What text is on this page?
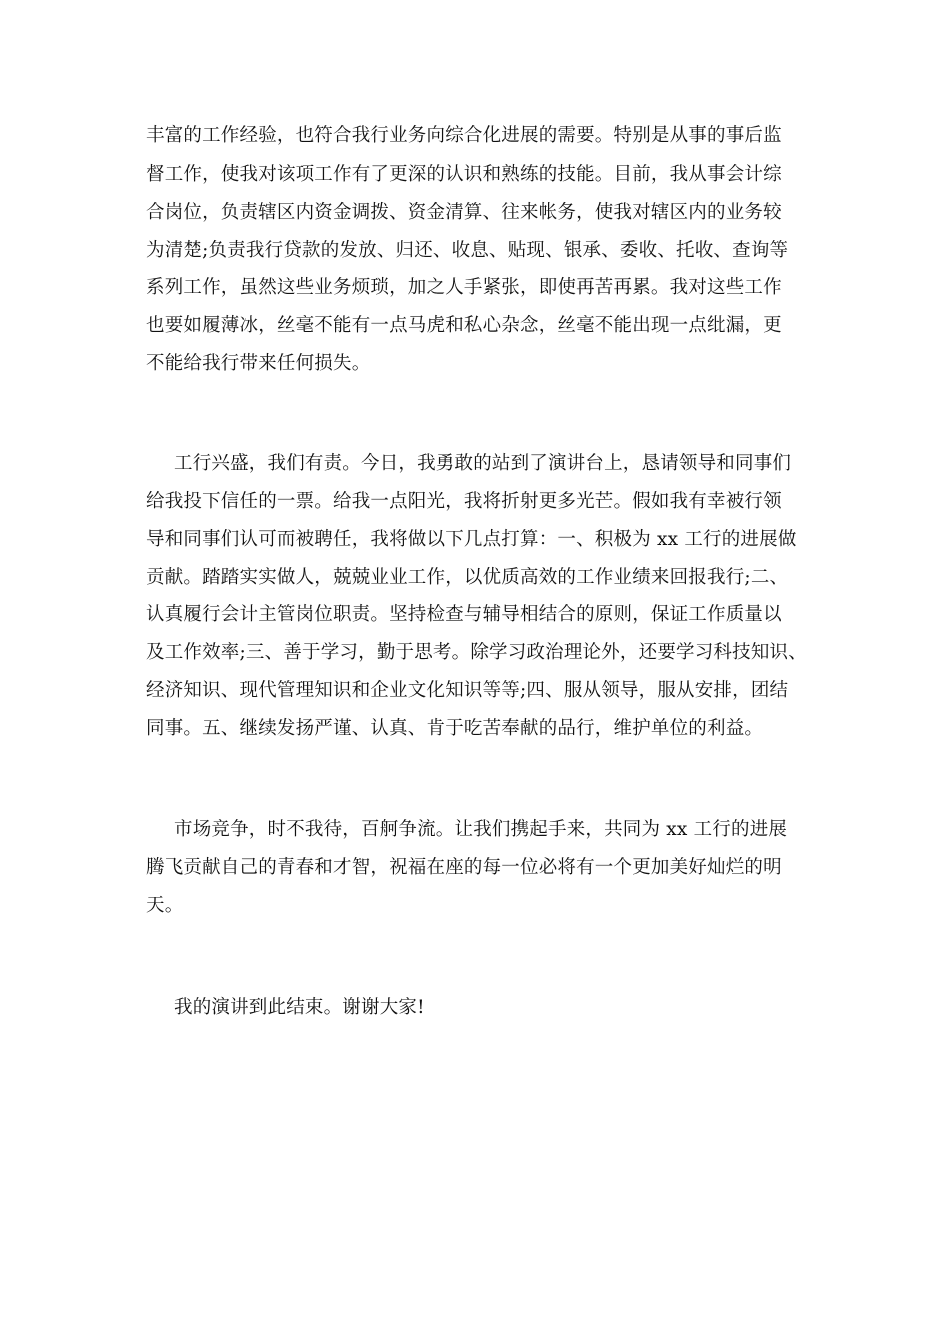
丰富的工作经验，也符合我行业务向综合化进展的需要。特别是从事的事后监
督工作，使我对该项工作有了更深的认识和熟练的技能。目前，我从事会计综
合岗位，负责辖区内资金调拨、资金清算、往来帐务，使我对辖区内的业务较
为清楚;负责我行贷款的发放、归还、收息、贴现、银承、委收、托收、查询等
系列工作，虽然这些业务烦琐，加之人手紧张，即使再苦再累。我对这些工作
也要如履薄冰，丝毫不能有一点马虎和私心杂念，丝毫不能出现一点纰漏，更
不能给我行带来任何损失。
工行兴盛，我们有责。今日，我勇敢的站到了演讲台上，恳请领导和同事们
给我投下信任的一票。给我一点阳光，我将折射更多光芒。假如我有幸被行领
导和同事们认可而被聘任，我将做以下几点打算：一、积极为 xx 工行的进展做
贡献。踏踏实实做人，兢兢业业工作，以优质高效的工作业绩来回报我行;二、
认真履行会计主管岗位职责。坚持检查与辅导相结合的原则，保证工作质量以
及工作效率;三、善于学习，勤于思考。除学习政治理论外，还要学习科技知识、
经济知识、现代管理知识和企业文化知识等等;四、服从领导，服从安排，团结
同事。五、继续发扬严谨、认真、肯于吃苦奉献的品行，维护单位的利益。
市场竞争，时不我待，百舸争流。让我们携起手来，共同为 xx 工行的进展
腾飞贡献自己的青春和才智，祝福在座的每一位必将有一个更加美好灿烂的明
天。
我的演讲到此结束。谢谢大家!
